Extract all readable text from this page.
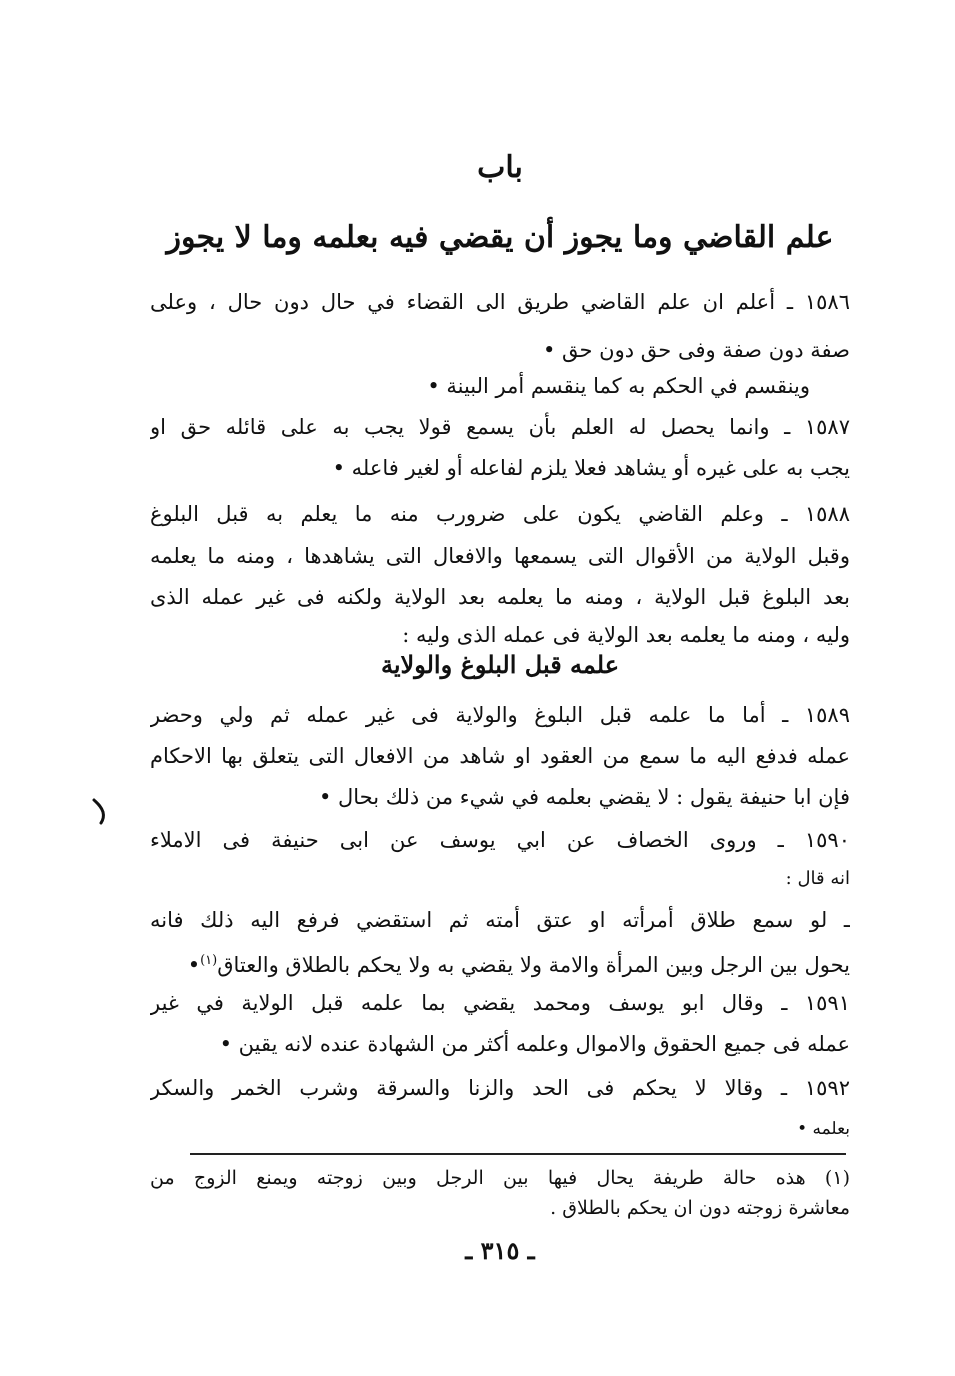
باب
علم القاضي وما يجوز أن يقضي فيه بعلمه وما لا يجوز
١٥٨٦ ـ أعلم ان علم القاضي طريق الى القضاء في حال دون حال ، وعلى
صفة دون صفة وفى حق دون حق •
وينقسم في الحكم به كما ينقسم أمر البينة •
١٥٨٧ ـ وانما يحصل له العلم بأن يسمع قولا يجب به على قائله حق او
يجب به على غيره أو يشاهد فعلا يلزم لفاعله أو لغير فاعله •
١٥٨٨ ـ وعلم القاضي يكون على ضرورب منه ما يعلم به قبل البلوغ
وقبل الولاية من الأقوال التى يسمعها والافعال التى يشاهدها ، ومنه ما يعلمه
بعد البلوغ قبل الولاية ، ومنه ما يعلمه بعد الولاية ولكنه فى غير عمله الذى
وليه ، ومنه ما يعلمه بعد الولاية فى عمله الذى وليه :
علمه قبل البلوغ والولاية
١٥٨٩ ـ أما ما علمه قبل البلوغ والولاية فى غير عمله ثم ولي وحضر
عمله فدفع اليه ما سمع من العقود او شاهد من الافعال التى يتعلق بها الاحكام
فإن ابا حنيفة يقول : لا يقضي بعلمه في شيء من ذلك بحال •
١٥٩٠ ـ وروى الخصاف عن ابي يوسف عن ابى حنيفة فى الاملاء
انه قال :
ـ لو سمع طلاق أمرأته او عتق أمته ثم استقضي فرفع اليه ذلك فانه
يحول بين الرجل وبين المرأة والامة ولا يقضي به ولا يحكم بالطلاق والعتاق$^{(١)}$•
١٥٩١ ـ وقال ابو يوسف ومحمد يقضي بما علمه قبل الولاية في غير
عمله فى جميع الحقوق والاموال وعلمه أكثر من الشهادة عنده لانه يقين •
١٥٩٢ ـ وقالا لا يحكم فى الحد والزنا والسرقة وشرب الخمر والسكر
بعلمه •
(١) هذه حالة طريفة يحال فيها بين الرجل وبين زوجته ويمنع الزوج من
معاشرة زوجته دون ان يحكم بالطلاق .
ـ ٣١٥ ـ
